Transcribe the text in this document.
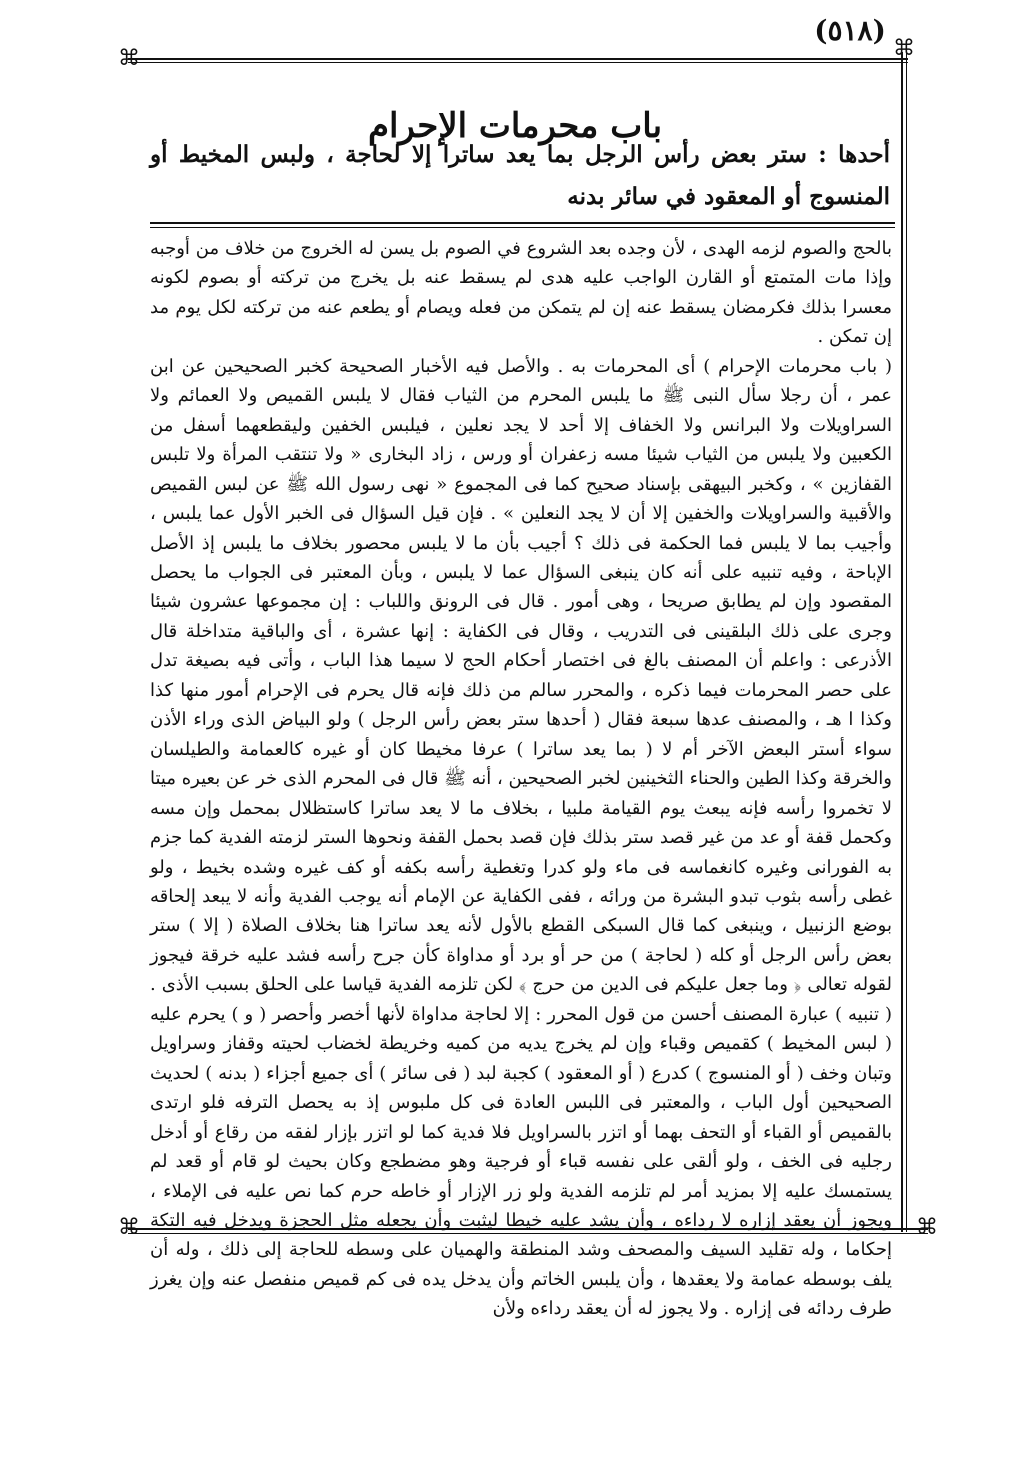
(٥١٨)
⌘	⌘
⌘	⌘
باب محرمات الإحرام
أحدها : ستر بعض رأس الرجل بما يعد ساترا إلا لحاجة ، ولبس المخيط أو المنسوج أو المعقود في سائر بدنه

بالحج والصوم لزمه الهدى ، لأن وجده بعد الشروع في الصوم بل يسن له الخروج من خلاف من أوجبه وإذا مات المتمتع أو القارن الواجب عليه هدى لم يسقط عنه بل يخرج من تركته أو بصوم لكونه معسرا بذلك فكرمضان يسقط عنه إن لم يتمكن من فعله ويصام أو يطعم عنه من تركته لكل يوم مد إن تمكن .

( باب محرمات الإحرام ) أى المحرمات به . والأصل فيه الأخبار الصحيحة كخبر الصحيحين عن ابن عمر ، أن رجلا سأل النبى ﷺ ما يلبس المحرم من الثياب فقال لا يلبس القميص ولا العمائم ولا السراويلات ولا البرانس ولا الخفاف إلا أحد لا يجد نعلين ، فيلبس الخفين وليقطعهما أسفل من الكعبين ولا يلبس من الثياب شيئا مسه زعفران أو ورس ، زاد البخارى « ولا تنتقب المرأة ولا تلبس القفازين » ، وكخبر البيهقى بإسناد صحيح كما فى المجموع « نهى رسول الله ﷺ عن لبس القميص والأقبية والسراويلات والخفين إلا أن لا يجد النعلين » . فإن قيل السؤال فى الخبر الأول عما يلبس ، وأجيب بما لا يلبس فما الحكمة فى ذلك ؟ أجيب بأن ما لا يلبس محصور بخلاف ما يلبس إذ الأصل الإباحة ، وفيه تنبيه على أنه كان ينبغى السؤال عما لا يلبس ، وبأن المعتبر فى الجواب ما يحصل المقصود وإن لم يطابق صريحا ، وهى أمور . قال فى الرونق واللباب : إن مجموعها عشرون شيئا وجرى على ذلك البلقينى فى التدريب ، وقال فى الكفاية : إنها عشرة ، أى والباقية متداخلة قال الأذرعى : واعلم أن المصنف بالغ فى اختصار أحكام الحج لا سيما هذا الباب ، وأتى فيه بصيغة تدل على حصر المحرمات فيما ذكره ، والمحرر سالم من ذلك فإنه قال يحرم فى الإحرام أمور منها كذا وكذا ا هـ ، والمصنف عدها سبعة فقال ( أحدها ستر بعض رأس الرجل ) ولو البياض الذى وراء الأذن سواء أستر البعض الآخر أم لا ( بما يعد ساترا ) عرفا مخيطا كان أو غيره كالعمامة والطيلسان والخرقة وكذا الطين والحناء الثخينين لخبر الصحيحين ، أنه ﷺ قال فى المحرم الذى خر عن بعيره ميتا لا تخمروا رأسه فإنه يبعث يوم القيامة ملبيا ، بخلاف ما لا يعد ساترا كاستظلال بمحمل وإن مسه وكحمل قفة أو عد من غير قصد ستر بذلك فإن قصد بحمل القفة ونحوها الستر لزمته الفدية كما جزم به الفورانى وغيره كانغماسه فى ماء ولو كدرا وتغطية رأسه بكفه أو كف غيره وشده بخيط ، ولو غطى رأسه بثوب تبدو البشرة من ورائه ، ففى الكفاية عن الإمام أنه يوجب الفدية وأنه لا يبعد إلحاقه بوضع الزنبيل ، وينبغى كما قال السبكى القطع بالأول لأنه يعد ساترا هنا بخلاف الصلاة ( إلا ) ستر بعض رأس الرجل أو كله ( لحاجة ) من حر أو برد أو مداواة كأن جرح رأسه فشد عليه خرقة فيجوز لقوله تعالى ﴿ وما جعل عليكم فى الدين من حرج ﴾ لكن تلزمه الفدية قياسا على الحلق بسبب الأذى . ( تنبيه ) عبارة المصنف أحسن من قول المحرر : إلا لحاجة مداواة لأنها أخصر وأحصر ( و ) يحرم عليه ( لبس المخيط ) كقميص وقباء وإن لم يخرج يديه من كميه وخريطة لخضاب لحيته وقفاز وسراويل وتبان وخف ( أو المنسوج ) كدرع ( أو المعقود ) كجبة لبد ( فى سائر ) أى جميع أجزاء ( بدنه ) لحديث الصحيحين أول الباب ، والمعتبر فى اللبس العادة فى كل ملبوس إذ به يحصل الترفه فلو ارتدى بالقميص أو القباء أو التحف بهما أو اتزر بالسراويل فلا فدية كما لو اتزر بإزار لفقه من رقاع أو أدخل رجليه فى الخف ، ولو ألقى على نفسه قباء أو فرجية وهو مضطجع وكان بحيث لو قام أو قعد لم يستمسك عليه إلا بمزيد أمر لم تلزمه الفدية ولو زر الإزار أو خاطه حرم كما نص عليه فى الإملاء ، ويجوز أن يعقد إزاره لا رداءه ، وأن يشد عليه خيطا ليثبت وأن يجعله مثل الحجزة ويدخل فيه التكة إحكاما ، وله تقليد السيف والمصحف وشد المنطقة والهميان على وسطه للحاجة إلى ذلك ، وله أن يلف بوسطه عمامة ولا يعقدها ، وأن يلبس الخاتم وأن يدخل يده فى كم قميص منفصل عنه وإن يغرز طرف ردائه فى إزاره . ولا يجوز له أن يعقد رداءه ولأن
